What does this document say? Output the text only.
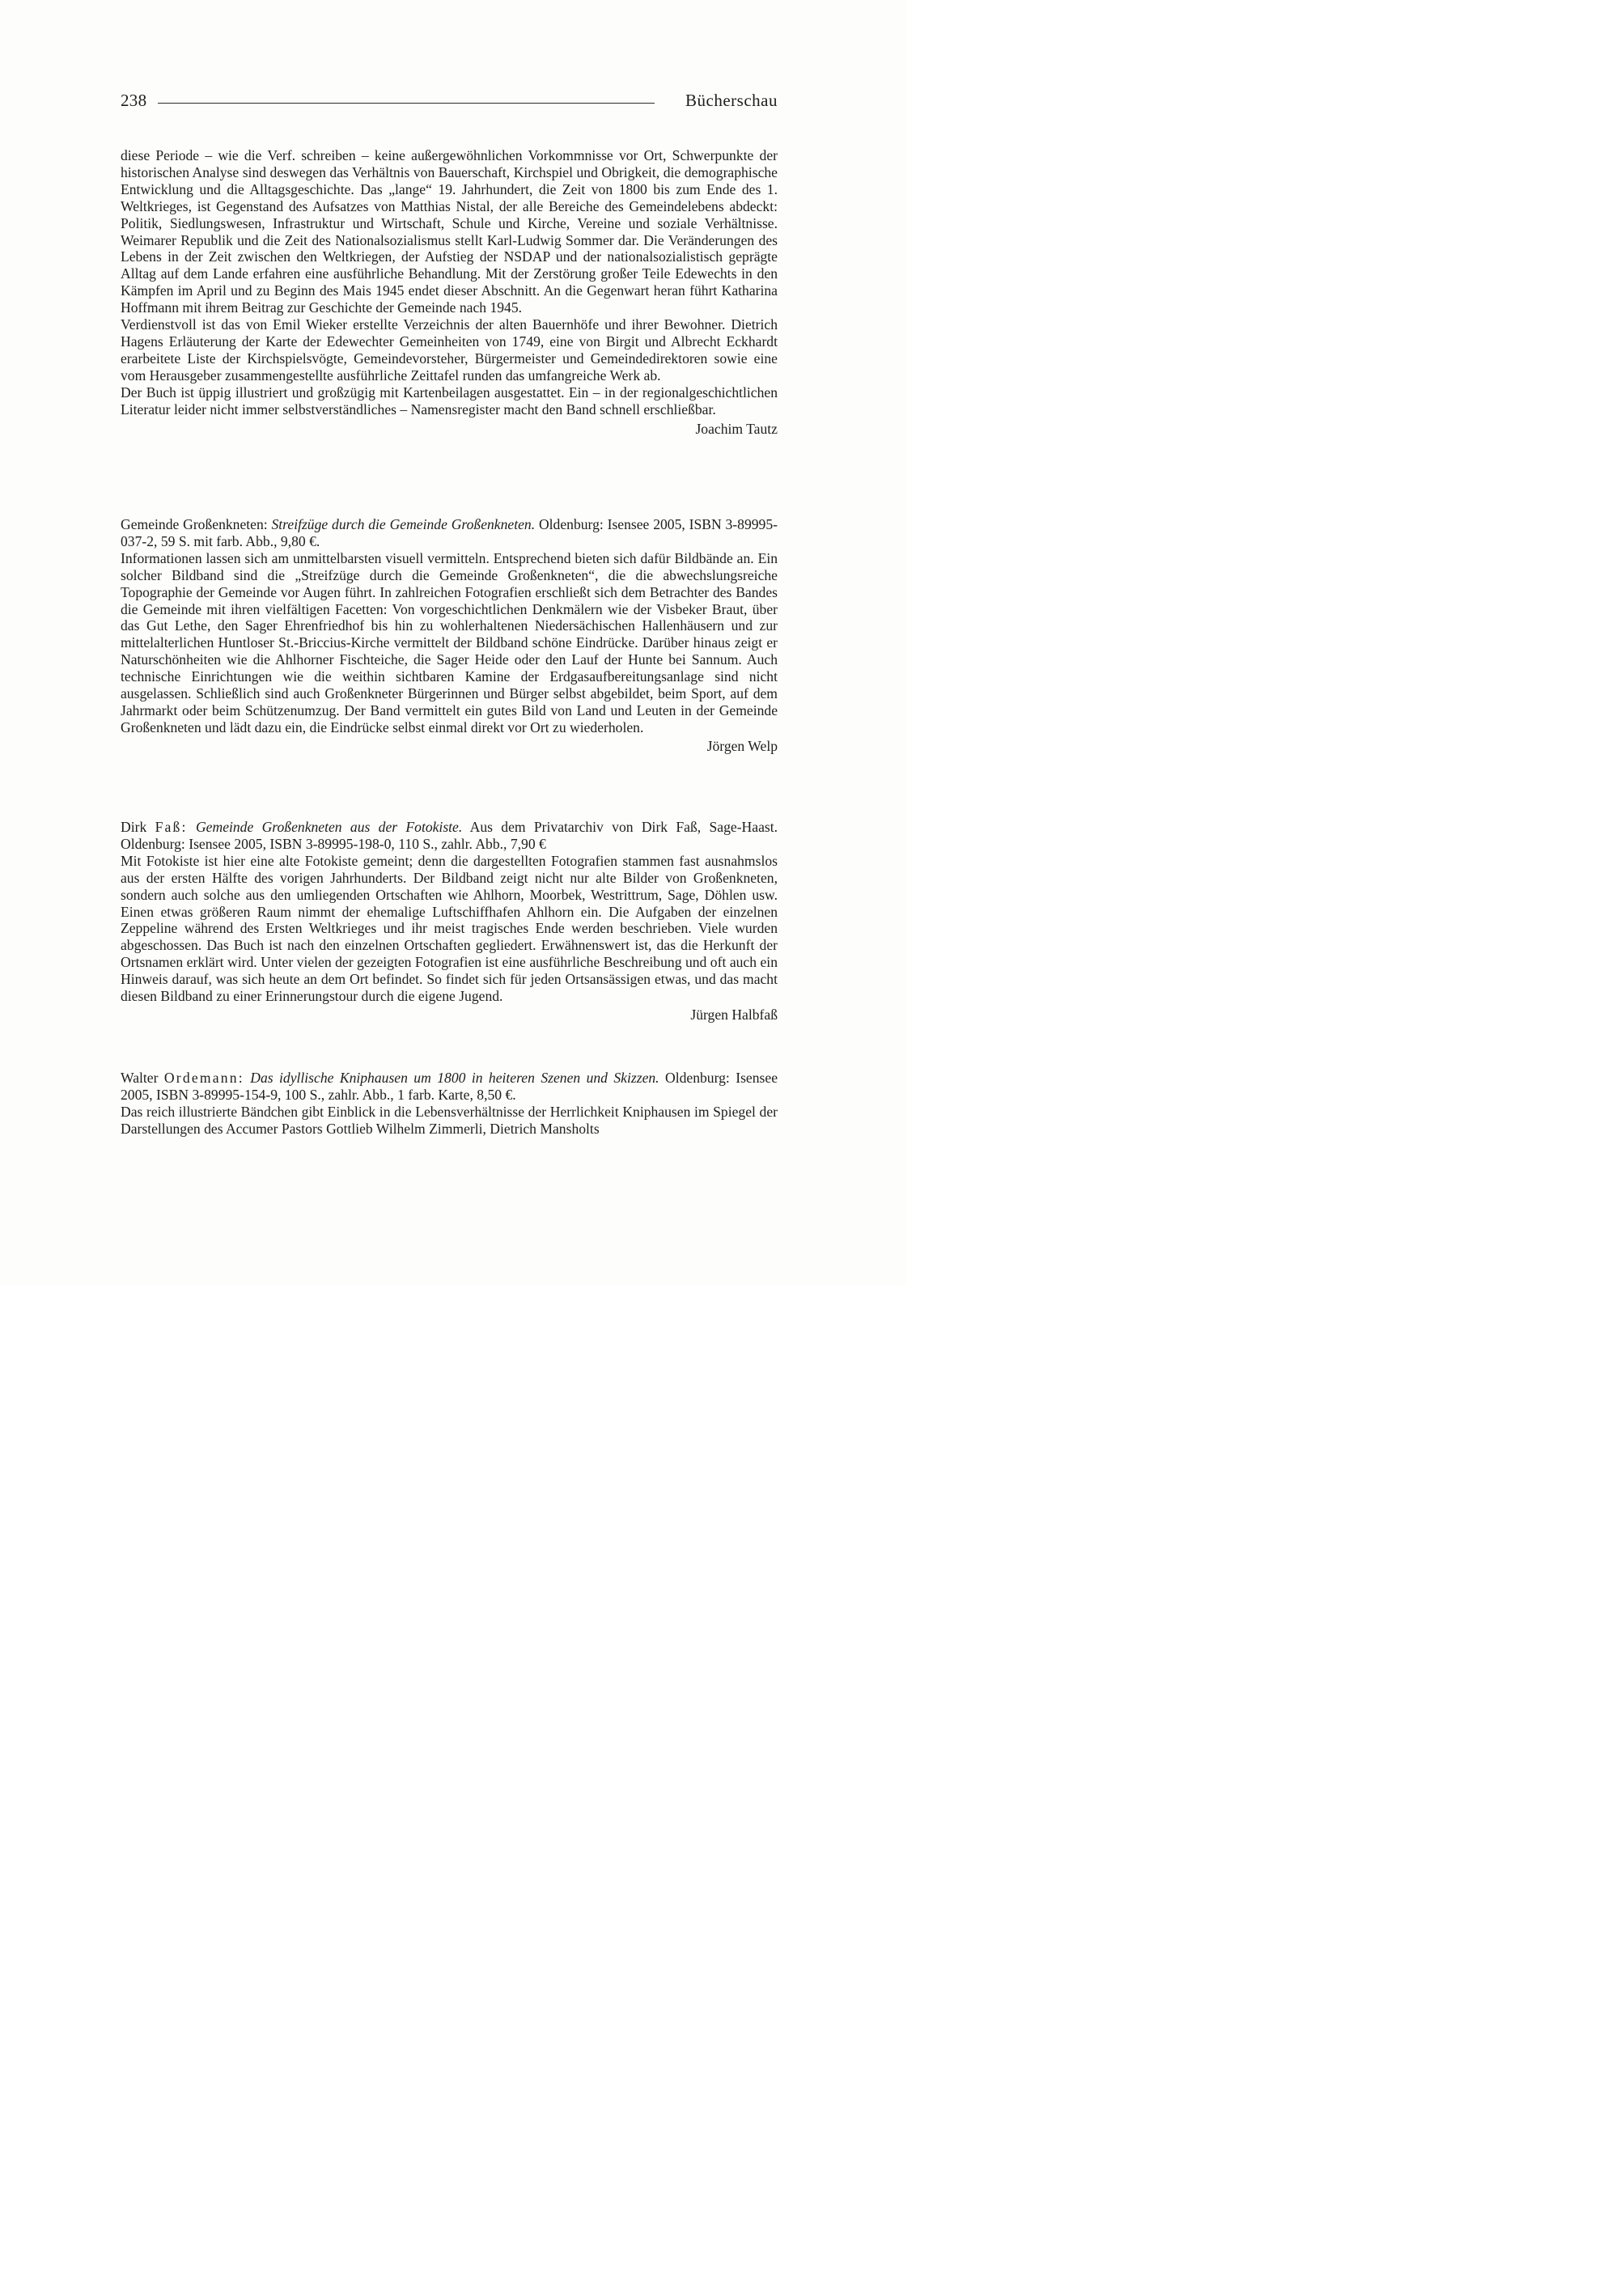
238	Bücherschau

diese Periode – wie die Verf. schreiben – keine außergewöhnlichen Vorkommnisse vor Ort, Schwerpunkte der historischen Analyse sind deswegen das Verhältnis von Bauerschaft, Kirchspiel und Obrigkeit, die demographische Entwicklung und die Alltagsgeschichte. Das „lange“ 19. Jahrhundert, die Zeit von 1800 bis zum Ende des 1. Weltkrieges, ist Gegenstand des Aufsatzes von Matthias Nistal, der alle Bereiche des Gemeindelebens abdeckt: Politik, Siedlungswesen, Infrastruktur und Wirtschaft, Schule und Kirche, Vereine und soziale Verhältnisse. Weimarer Republik und die Zeit des Nationalsozialismus stellt Karl-Ludwig Sommer dar. Die Veränderungen des Lebens in der Zeit zwischen den Weltkriegen, der Aufstieg der NSDAP und der nationalsozialistisch geprägte Alltag auf dem Lande erfahren eine ausführliche Behandlung. Mit der Zerstörung großer Teile Edewechts in den Kämpfen im April und zu Beginn des Mais 1945 endet dieser Abschnitt. An die Gegenwart heran führt Katharina Hoffmann mit ihrem Beitrag zur Geschichte der Gemeinde nach 1945.

Verdienstvoll ist das von Emil Wieker erstellte Verzeichnis der alten Bauernhöfe und ihrer Bewohner. Dietrich Hagens Erläuterung der Karte der Edewechter Gemeinheiten von 1749, eine von Birgit und Albrecht Eckhardt erarbeitete Liste der Kirchspielsvögte, Gemeindevorsteher, Bürgermeister und Gemeindedirektoren sowie eine vom Herausgeber zusammengestellte ausführliche Zeittafel runden das umfangreiche Werk ab.

Der Buch ist üppig illustriert und großzügig mit Kartenbeilagen ausgestattet. Ein – in der regionalgeschichtlichen Literatur leider nicht immer selbstverständliches – Namensregister macht den Band schnell erschließbar.

Joachim Tautz

Gemeinde Großenkneten: Streifzüge durch die Gemeinde Großenkneten. Oldenburg: Isensee 2005, ISBN 3-89995-037-2, 59 S. mit farb. Abb., 9,80 €.

Informationen lassen sich am unmittelbarsten visuell vermitteln. Entsprechend bieten sich dafür Bildbände an. Ein solcher Bildband sind die „Streifzüge durch die Gemeinde Großenkneten“, die die abwechslungsreiche Topographie der Gemeinde vor Augen führt. In zahlreichen Fotografien erschließt sich dem Betrachter des Bandes die Gemeinde mit ihren vielfältigen Facetten: Von vorgeschichtlichen Denkmälern wie der Visbeker Braut, über das Gut Lethe, den Sager Ehrenfriedhof bis hin zu wohlerhaltenen Niedersächischen Hallenhäusern und zur mittelalterlichen Huntloser St.-Briccius-Kirche vermittelt der Bildband schöne Eindrücke. Darüber hinaus zeigt er Naturschönheiten wie die Ahlhorner Fischteiche, die Sager Heide oder den Lauf der Hunte bei Sannum. Auch technische Einrichtungen wie die weithin sichtbaren Kamine der Erdgasaufbereitungsanlage sind nicht ausgelassen. Schließlich sind auch Großenkneter Bürgerinnen und Bürger selbst abgebildet, beim Sport, auf dem Jahrmarkt oder beim Schützenumzug. Der Band vermittelt ein gutes Bild von Land und Leuten in der Gemeinde Großenkneten und lädt dazu ein, die Eindrücke selbst einmal direkt vor Ort zu wiederholen.

Jörgen Welp

Dirk Faß: Gemeinde Großenkneten aus der Fotokiste. Aus dem Privatarchiv von Dirk Faß, Sage-Haast. Oldenburg: Isensee 2005, ISBN 3-89995-198-0, 110 S., zahlr. Abb., 7,90 €

Mit Fotokiste ist hier eine alte Fotokiste gemeint; denn die dargestellten Fotografien stammen fast ausnahmslos aus der ersten Hälfte des vorigen Jahrhunderts. Der Bildband zeigt nicht nur alte Bilder von Großenkneten, sondern auch solche aus den umliegenden Ortschaften wie Ahlhorn, Moorbek, Westrittrum, Sage, Döhlen usw. Einen etwas größeren Raum nimmt der ehemalige Luftschiffhafen Ahlhorn ein. Die Aufgaben der einzelnen Zeppeline während des Ersten Weltkrieges und ihr meist tragisches Ende werden beschrieben. Viele wurden abgeschossen. Das Buch ist nach den einzelnen Ortschaften gegliedert. Erwähnenswert ist, das die Herkunft der Ortsnamen erklärt wird. Unter vielen der gezeigten Fotografien ist eine ausführliche Beschreibung und oft auch ein Hinweis darauf, was sich heute an dem Ort befindet. So findet sich für jeden Ortsansässigen etwas, und das macht diesen Bildband zu einer Erinnerungstour durch die eigene Jugend.

Jürgen Halbfaß

Walter Ordemann: Das idyllische Kniphausen um 1800 in heiteren Szenen und Skizzen. Oldenburg: Isensee 2005, ISBN 3-89995-154-9, 100 S., zahlr. Abb., 1 farb. Karte, 8,50 €.

Das reich illustrierte Bändchen gibt Einblick in die Lebensverhältnisse der Herrlichkeit Kniphausen im Spiegel der Darstellungen des Accumer Pastors Gottlieb Wilhelm Zimmerli, Dietrich Mansholts
